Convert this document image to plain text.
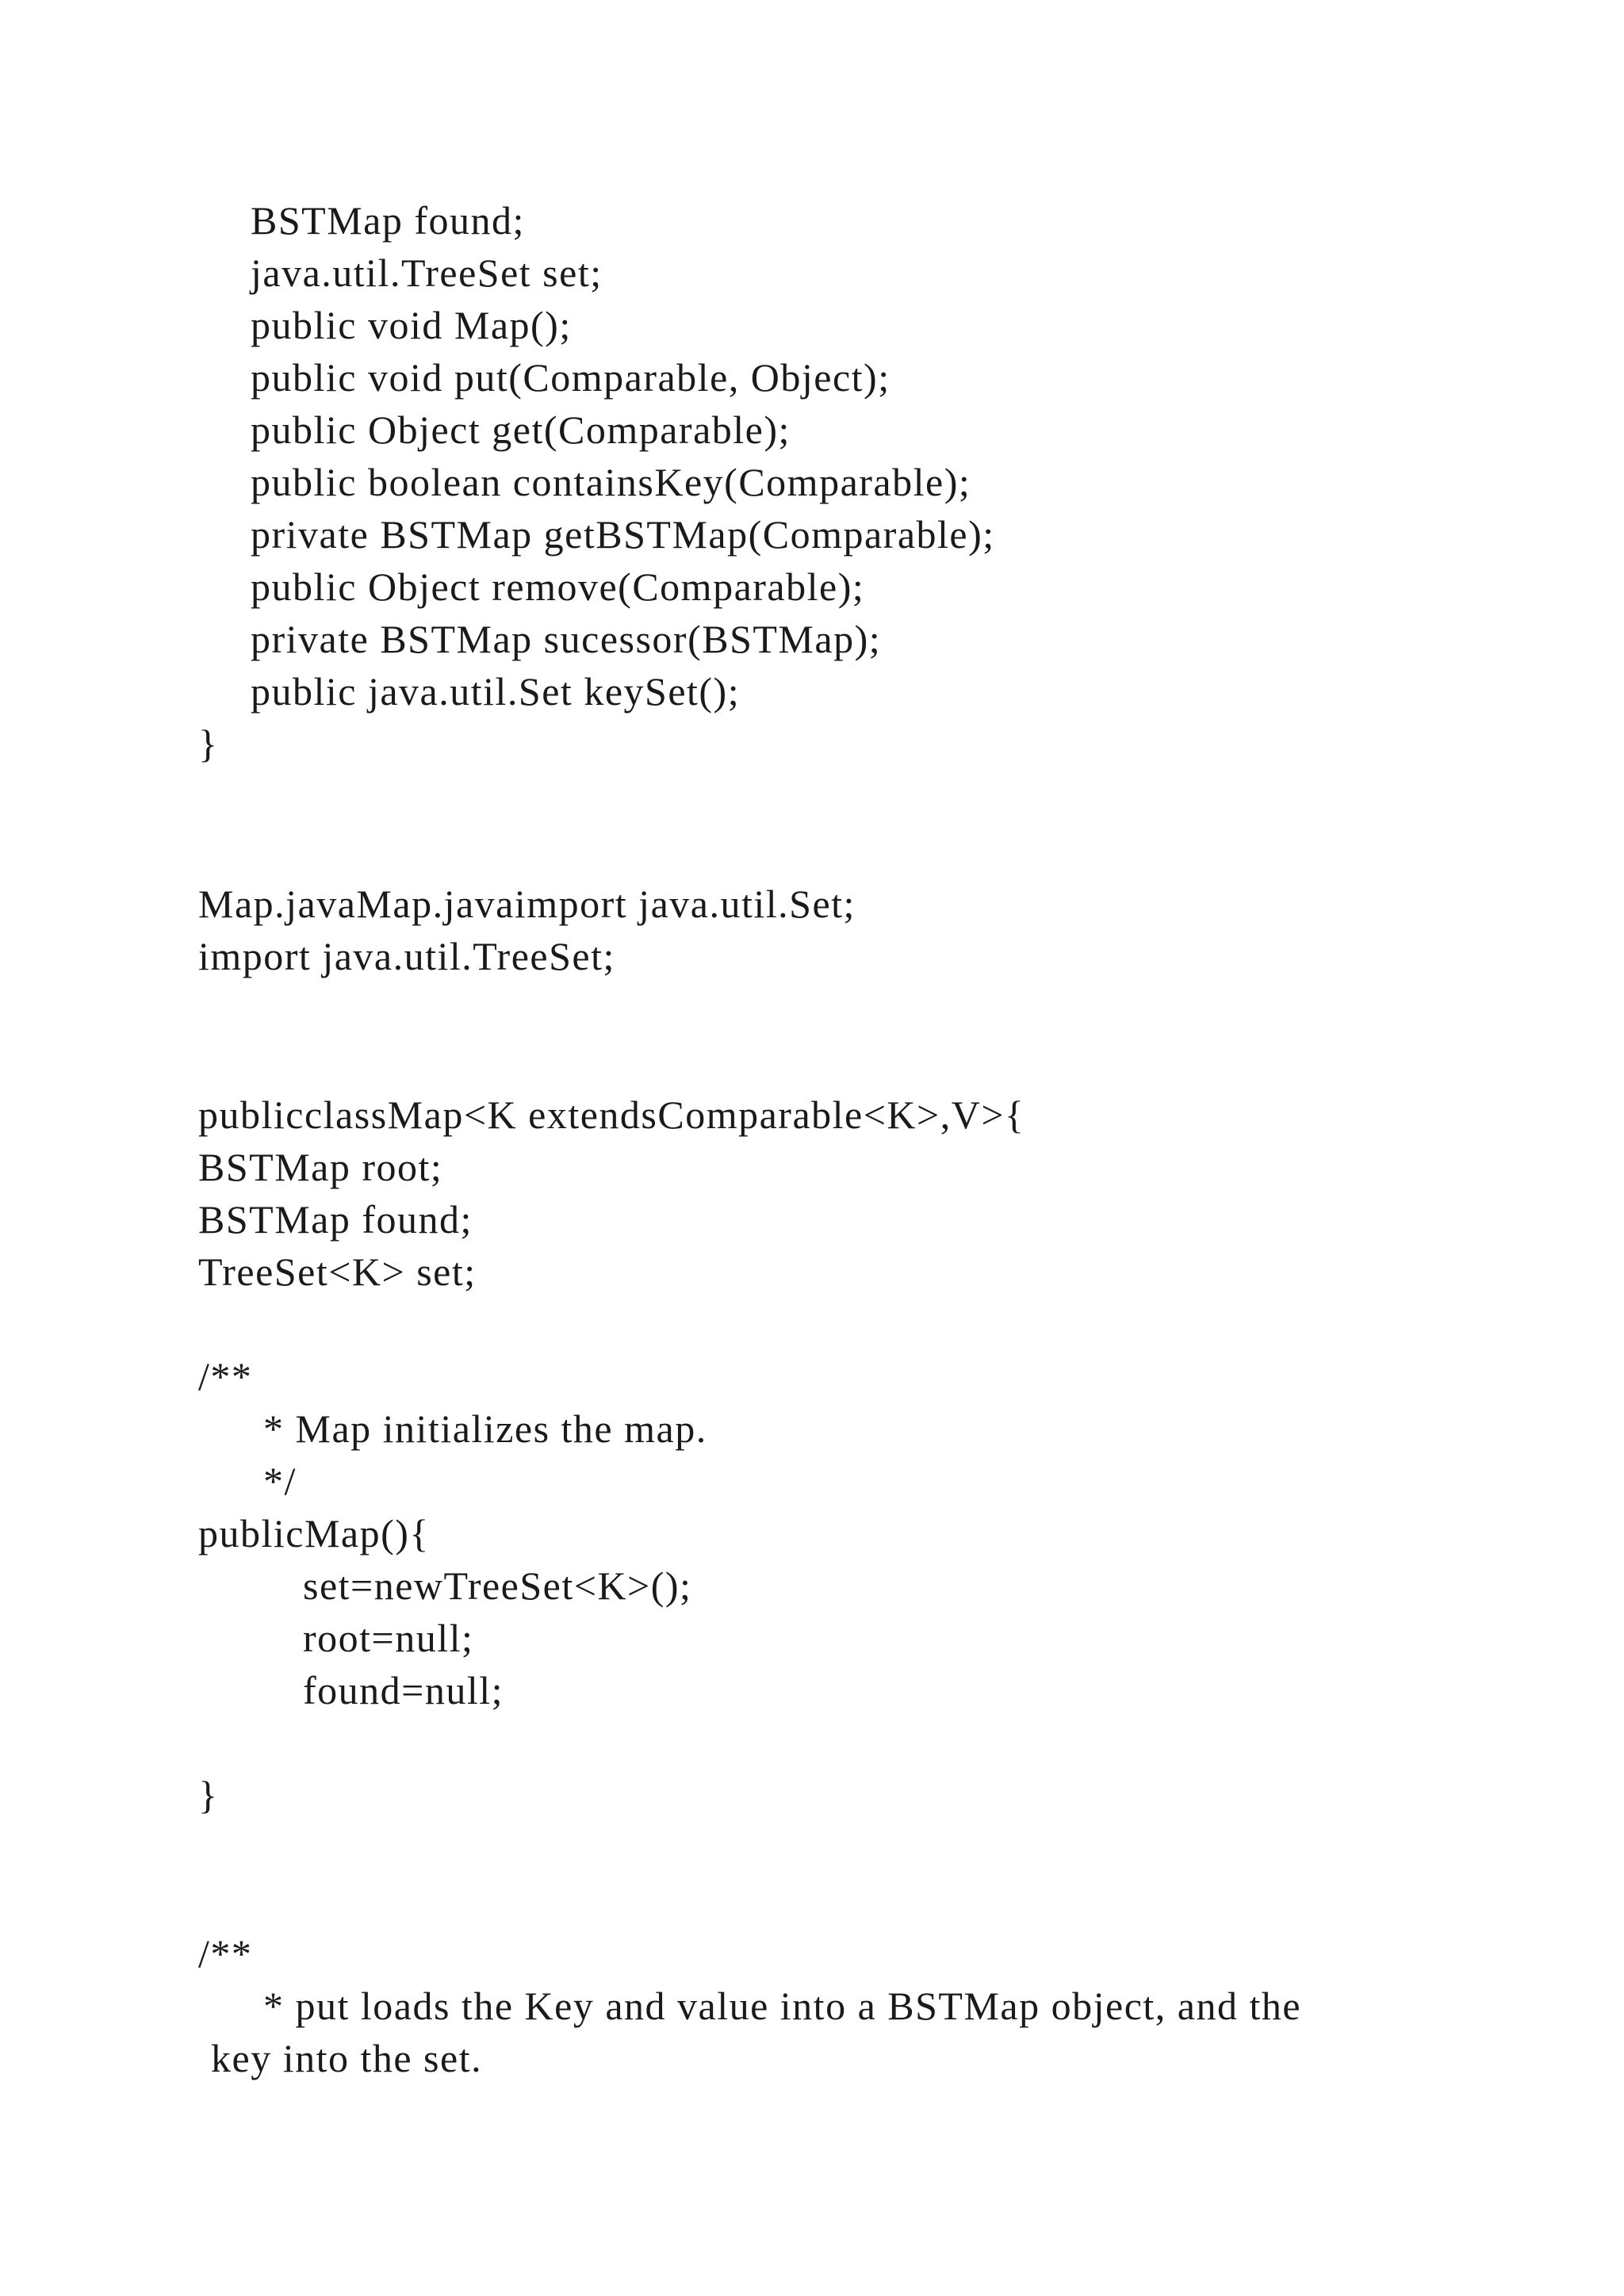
BSTMap found;

java.util.TreeSet set;

public void Map();

public void put(Comparable, Object);

public Object get(Comparable);

public boolean containsKey(Comparable);

private BSTMap getBSTMap(Comparable);

public Object remove(Comparable);

private BSTMap sucessor(BSTMap);

public java.util.Set keySet();

}

Map.javaMap.javaimport java.util.Set;

import java.util.TreeSet;

publicclassMap<K extendsComparable<K>,V>{

BSTMap root;

BSTMap found;

TreeSet<K> set;

/**

* Map initializes the map.

*/

publicMap(){

set=newTreeSet<K>();

root=null;

found=null;

}

/**

* put loads the Key and value into a BSTMap object, and the

key into the set.
